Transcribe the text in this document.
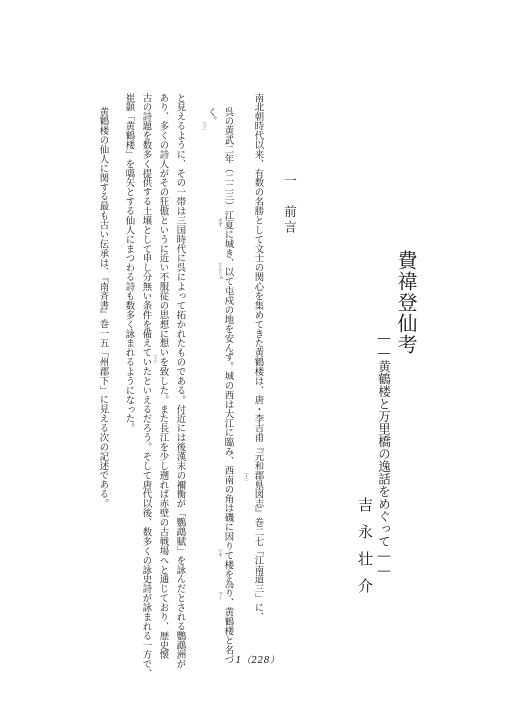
費禕登仙考
――黄鶴楼と万里橋の逸話をめぐって――
吉永壮介
一　前言
南北朝時代以来、有数の名勝として文士の関心を集めてきた黄鶴楼は、唐・李吉甫『元和郡県図志』巻二七「江南道三」に、
呉の黄武二年（二二三）江夏に城き、以て屯戍の地を安んず。城の西は大江に臨み、西南の角は磯に因りて楼を為り、黄鶴楼と名づ
く。
と見えるように、その一帯は三国時代に呉によって拓かれたものである。付近には後漢末の禰衡が「鸚鵡賦」を詠んだとされる鸚鵡洲が
あり、多くの詩人がその狂傲というに近い不服従の思想に想いを致した。また長江を少し遡れば赤壁の古戦場へと通じており、歴史懐
古の詩題を数多く提供する土壌として申し分無い条件を備えていたといえるだろう。そして唐代以後、数多くの詠史詩が詠まれる一方で、
崔顥「黄鶴楼」を嚆矢とする仙人にまつわる詩も数多く詠まれるようになった。
黄鶴楼の仙人に関する最も古い伝承は、『南斉書』巻一五「州郡下」に見える次の記述である。	（１）
きず
とんじゅ
いそ
つく
（３）
（２）
1（228）
